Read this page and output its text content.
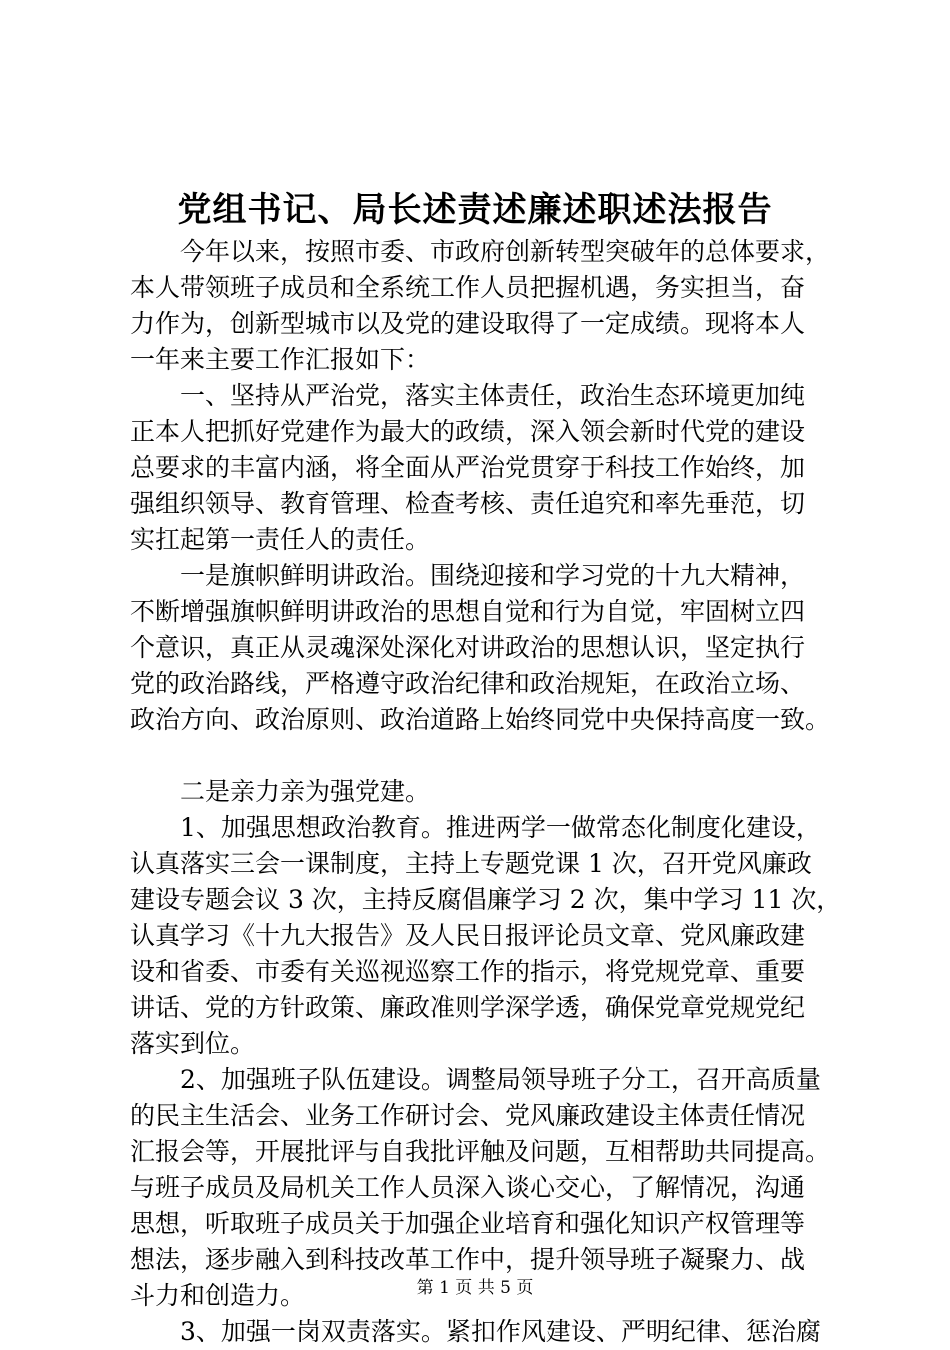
党组书记、局长述责述廉述职述法报告
　　今年以来，按照市委、市政府创新转型突破年的总体要求，
本人带领班子成员和全系统工作人员把握机遇，务实担当，奋
力作为，创新型城市以及党的建设取得了一定成绩。现将本人
一年来主要工作汇报如下：
　　一、坚持从严治党，落实主体责任，政治生态环境更加纯
正本人把抓好党建作为最大的政绩，深入领会新时代党的建设
总要求的丰富内涵，将全面从严治党贯穿于科技工作始终，加
强组织领导、教育管理、检查考核、责任追究和率先垂范，切
实扛起第一责任人的责任。
　　一是旗帜鲜明讲政治。围绕迎接和学习党的十九大精神，
不断增强旗帜鲜明讲政治的思想自觉和行为自觉，牢固树立四
个意识，真正从灵魂深处深化对讲政治的思想认识，坚定执行
党的政治路线，严格遵守政治纪律和政治规矩，在政治立场、
政治方向、政治原则、政治道路上始终同党中央保持高度一致。
　　二是亲力亲为强党建。
　　1、加强思想政治教育。推进两学一做常态化制度化建设，
认真落实三会一课制度，主持上专题党课 1 次，召开党风廉政
建设专题会议 3 次，主持反腐倡廉学习 2 次，集中学习 11 次，
认真学习《十九大报告》及人民日报评论员文章、党风廉政建
设和省委、市委有关巡视巡察工作的指示，将党规党章、重要
讲话、党的方针政策、廉政准则学深学透，确保党章党规党纪
落实到位。
　　2、加强班子队伍建设。调整局领导班子分工，召开高质量
的民主生活会、业务工作研讨会、党风廉政建设主体责任情况
汇报会等，开展批评与自我批评触及问题，互相帮助共同提高。
与班子成员及局机关工作人员深入谈心交心，了解情况，沟通
思想，听取班子成员关于加强企业培育和强化知识产权管理等
想法，逐步融入到科技改革工作中，提升领导班子凝聚力、战
斗力和创造力。
　　3、加强一岗双责落实。紧扣作风建设、严明纪律、惩治腐
第 1 页 共 5 页
